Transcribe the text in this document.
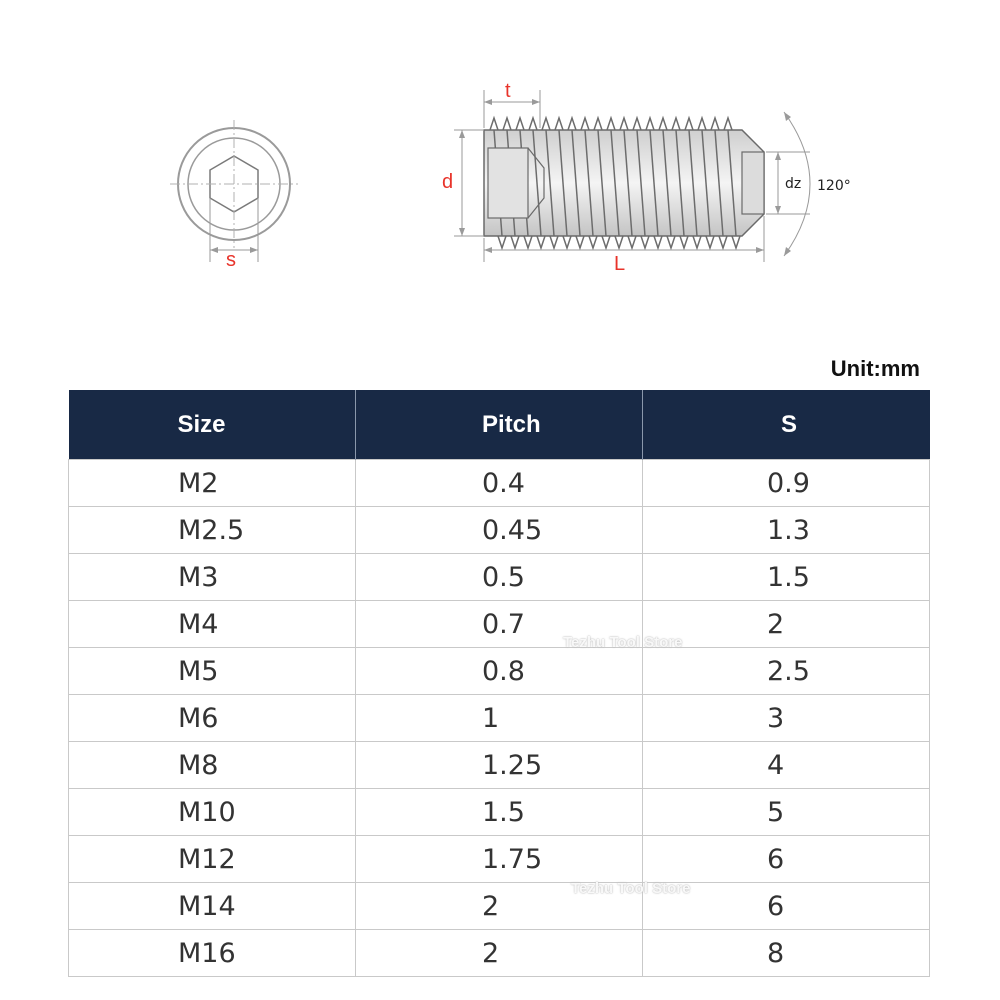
s
t
d	dz 120°
L
Unit:mm
Size	Pitch	S
M2	0.4	0.9
M2.5	0.45	1.3
M3	0.5	1.5
M4	0.7	2
M5	0.8	2.5
M6	1	3
M8	1.25	4
M10	1.5	5
M12	1.75	6
M14	2	6
M16	2	8
Tezhu Tool Store
Tezhu Tool Store
